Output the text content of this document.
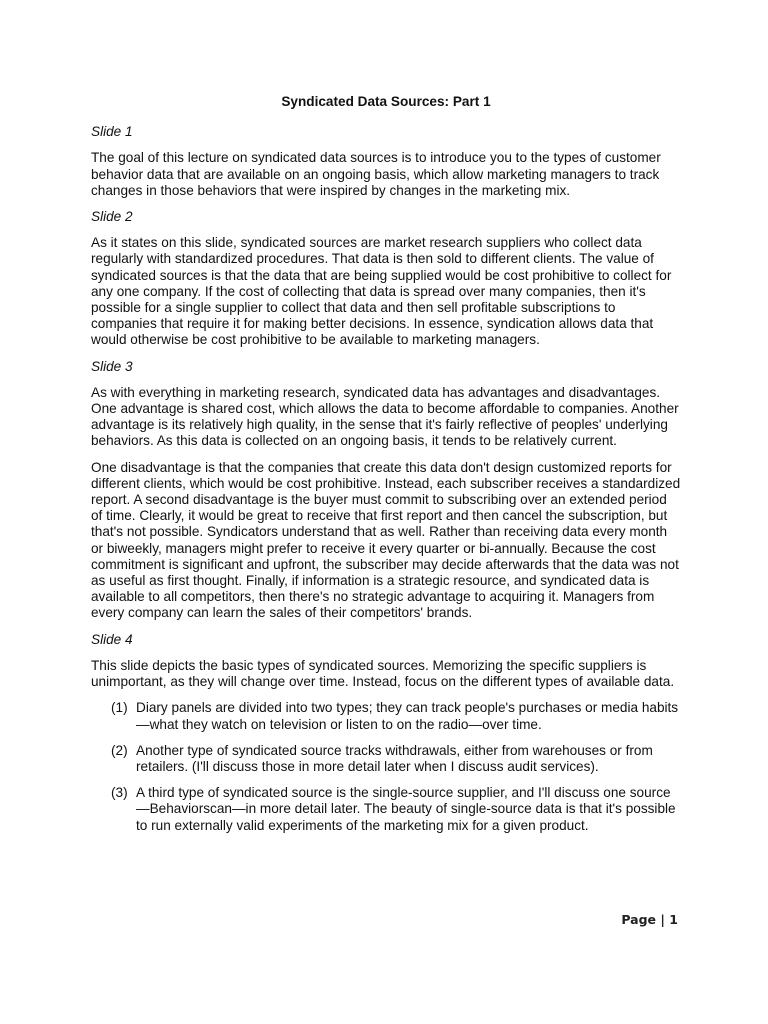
Syndicated Data Sources: Part 1
Slide 1

The goal of this lecture on syndicated data sources is to introduce you to the types of customer behavior data that are available on an ongoing basis, which allow marketing managers to track changes in those behaviors that were inspired by changes in the marketing mix.

Slide 2

As it states on this slide, syndicated sources are market research suppliers who collect data regularly with standardized procedures. That data is then sold to different clients. The value of syndicated sources is that the data that are being supplied would be cost prohibitive to collect for any one company. If the cost of collecting that data is spread over many companies, then it's possible for a single supplier to collect that data and then sell profitable subscriptions to companies that require it for making better decisions. In essence, syndication allows data that would otherwise be cost prohibitive to be available to marketing managers.

Slide 3

As with everything in marketing research, syndicated data has advantages and disadvantages. One advantage is shared cost, which allows the data to become affordable to companies. Another advantage is its relatively high quality, in the sense that it's fairly reflective of peoples' underlying behaviors. As this data is collected on an ongoing basis, it tends to be relatively current.

One disadvantage is that the companies that create this data don't design customized reports for different clients, which would be cost prohibitive. Instead, each subscriber receives a standardized report. A second disadvantage is the buyer must commit to subscribing over an extended period of time. Clearly, it would be great to receive that first report and then cancel the subscription, but that's not possible. Syndicators understand that as well. Rather than receiving data every month or biweekly, managers might prefer to receive it every quarter or bi-annually. Because the cost commitment is significant and upfront, the subscriber may decide afterwards that the data was not as useful as first thought. Finally, if information is a strategic resource, and syndicated data is available to all competitors, then there's no strategic advantage to acquiring it. Managers from every company can learn the sales of their competitors' brands.

Slide 4

This slide depicts the basic types of syndicated sources. Memorizing the specific suppliers is unimportant, as they will change over time. Instead, focus on the different types of available data.

(1) Diary panels are divided into two types; they can track people's purchases or media habits—what they watch on television or listen to on the radio—over time.
(2) Another type of syndicated source tracks withdrawals, either from warehouses or from retailers. (I'll discuss those in more detail later when I discuss audit services).
(3) A third type of syndicated source is the single-source supplier, and I'll discuss one source—Behaviorscan—in more detail later. The beauty of single-source data is that it's possible to run externally valid experiments of the marketing mix for a given product.
Page | 1
